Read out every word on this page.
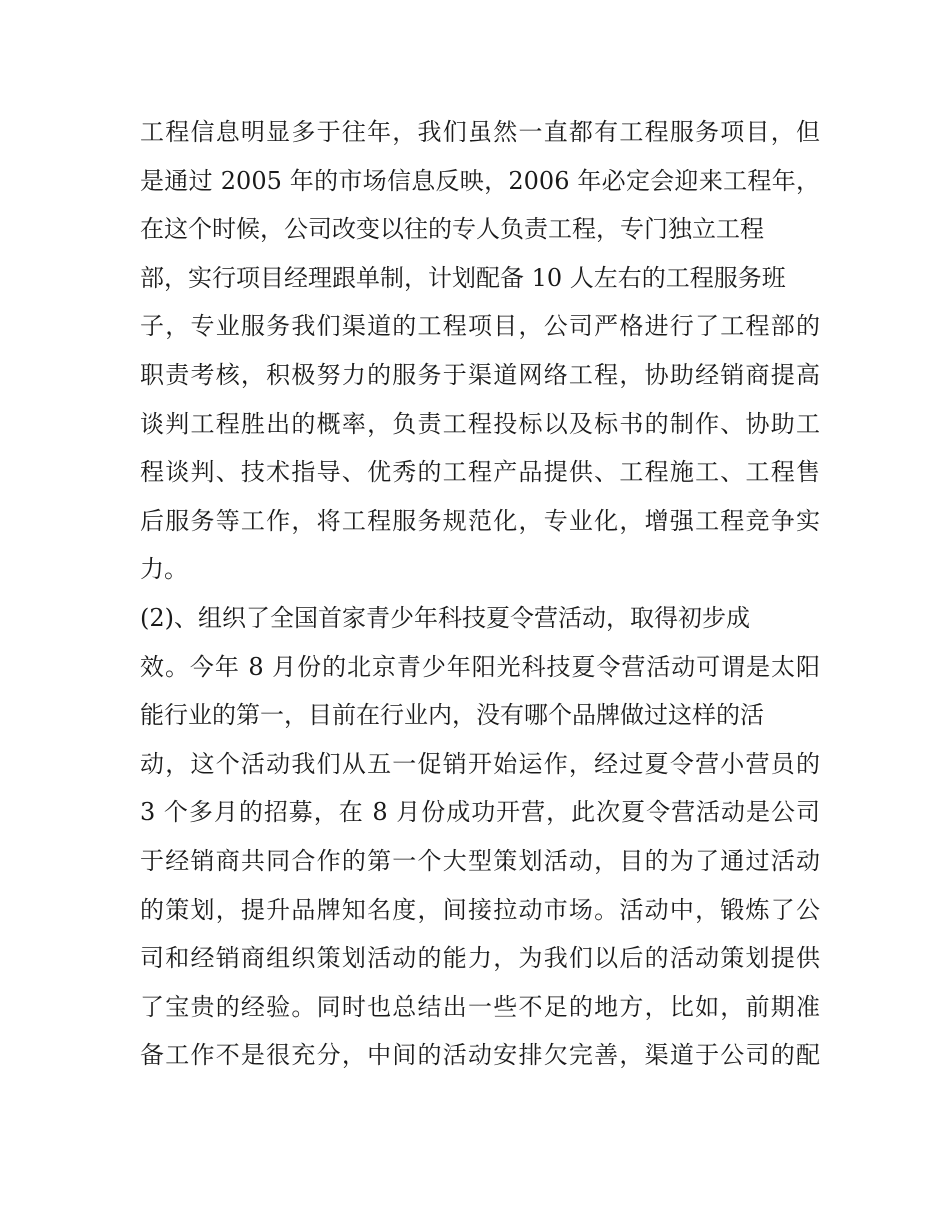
工程信息明显多于往年，我们虽然一直都有工程服务项目，但
是通过 2005 年的市场信息反映，2006 年必定会迎来工程年，
在这个时候，公司改变以往的专人负责工程，专门独立工程
部，实行项目经理跟单制，计划配备 10 人左右的工程服务班
子，专业服务我们渠道的工程项目，公司严格进行了工程部的
职责考核，积极努力的服务于渠道网络工程，协助经销商提高
谈判工程胜出的概率，负责工程投标以及标书的制作、协助工
程谈判、技术指导、优秀的工程产品提供、工程施工、工程售
后服务等工作，将工程服务规范化，专业化，增强工程竞争实
力。
(2)、组织了全国首家青少年科技夏令营活动，取得初步成
效。今年 8 月份的北京青少年阳光科技夏令营活动可谓是太阳
能行业的第一，目前在行业内，没有哪个品牌做过这样的活
动，这个活动我们从五一促销开始运作，经过夏令营小营员的
3 个多月的招募，在 8 月份成功开营，此次夏令营活动是公司
于经销商共同合作的第一个大型策划活动，目的为了通过活动
的策划，提升品牌知名度，间接拉动市场。活动中，锻炼了公
司和经销商组织策划活动的能力，为我们以后的活动策划提供
了宝贵的经验。同时也总结出一些不足的地方，比如，前期准
备工作不是很充分，中间的活动安排欠完善，渠道于公司的配
